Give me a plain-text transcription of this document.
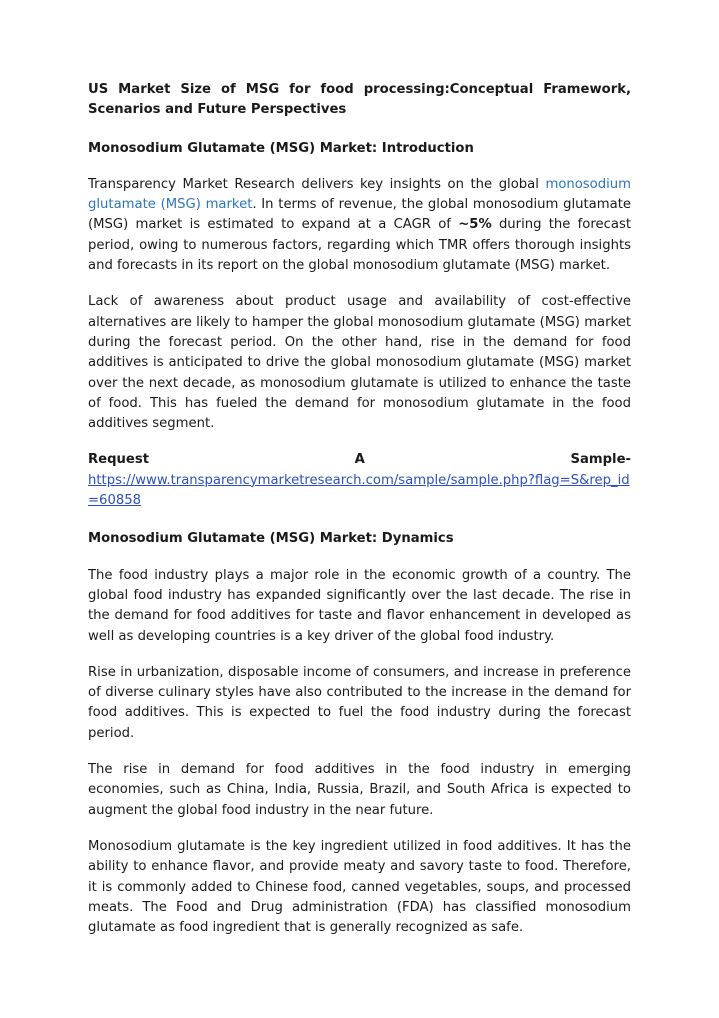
US Market Size of MSG for food processing:Conceptual Framework, Scenarios and Future Perspectives
Monosodium Glutamate (MSG) Market: Introduction

Transparency Market Research delivers key insights on the global monosodium glutamate (MSG) market. In terms of revenue, the global monosodium glutamate (MSG) market is estimated to expand at a CAGR of ~5% during the forecast period, owing to numerous factors, regarding which TMR offers thorough insights and forecasts in its report on the global monosodium glutamate (MSG) market.

Lack of awareness about product usage and availability of cost-effective alternatives are likely to hamper the global monosodium glutamate (MSG) market during the forecast period. On the other hand, rise in the demand for food additives is anticipated to drive the global monosodium glutamate (MSG) market over the next decade, as monosodium glutamate is utilized to enhance the taste of food. This has fueled the demand for monosodium glutamate in the food additives segment.

Request	A	Sample-
https://www.transparencymarketresearch.com/sample/sample.php?flag=S&rep_id=60858
Monosodium Glutamate (MSG) Market: Dynamics

The food industry plays a major role in the economic growth of a country. The global food industry has expanded significantly over the last decade. The rise in the demand for food additives for taste and flavor enhancement in developed as well as developing countries is a key driver of the global food industry.

Rise in urbanization, disposable income of consumers, and increase in preference of diverse culinary styles have also contributed to the increase in the demand for food additives. This is expected to fuel the food industry during the forecast period.

The rise in demand for food additives in the food industry in emerging economies, such as China, India, Russia, Brazil, and South Africa is expected to augment the global food industry in the near future.

Monosodium glutamate is the key ingredient utilized in food additives. It has the ability to enhance flavor, and provide meaty and savory taste to food. Therefore, it is commonly added to Chinese food, canned vegetables, soups, and processed meats. The Food and Drug administration (FDA) has classified monosodium glutamate as food ingredient that is generally recognized as safe.
